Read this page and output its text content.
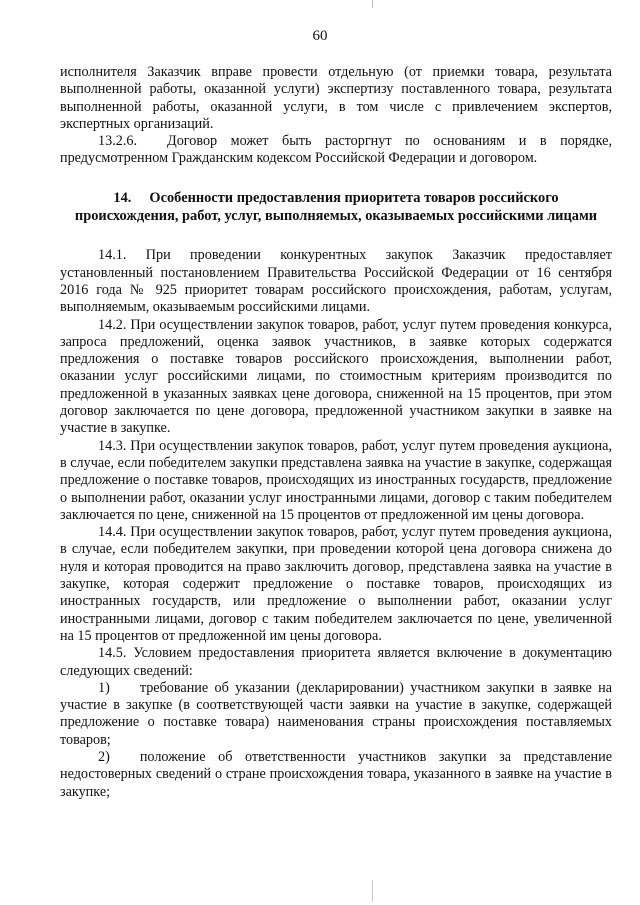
60

исполнителя Заказчик вправе провести отдельную (от приемки товара, результата выполненной работы, оказанной услуги) экспертизу поставленного товара, результата выполненной работы, оказанной услуги, в том числе с привлечением экспертов, экспертных организаций.

13.2.6. Договор может быть расторгнут по основаниям и в порядке, предусмотренном Гражданским кодексом Российской Федерации и договором.

14. Особенности предоставления приоритета товаров российского происхождения, работ, услуг, выполняемых, оказываемых российскими лицами

14.1. При проведении конкурентных закупок Заказчик предоставляет установленный постановлением Правительства Российской Федерации от 16 сентября 2016 года № 925 приоритет товарам российского происхождения, работам, услугам, выполняемым, оказываемым российскими лицами.

14.2. При осуществлении закупок товаров, работ, услуг путем проведения конкурса, запроса предложений, оценка заявок участников, в заявке которых содержатся предложения о поставке товаров российского происхождения, выполнении работ, оказании услуг российскими лицами, по стоимостным критериям производится по предложенной в указанных заявках цене договора, сниженной на 15 процентов, при этом договор заключается по цене договора, предложенной участником закупки в заявке на участие в закупке.

14.3. При осуществлении закупок товаров, работ, услуг путем проведения аукциона, в случае, если победителем закупки представлена заявка на участие в закупке, содержащая предложение о поставке товаров, происходящих из иностранных государств, предложение о выполнении работ, оказании услуг иностранными лицами, договор с таким победителем заключается по цене, сниженной на 15 процентов от предложенной им цены договора.

14.4. При осуществлении закупок товаров, работ, услуг путем проведения аукциона, в случае, если победителем закупки, при проведении которой цена договора снижена до нуля и которая проводится на право заключить договор, представлена заявка на участие в закупке, которая содержит предложение о поставке товаров, происходящих из иностранных государств, или предложение о выполнении работ, оказании услуг иностранными лицами, договор с таким победителем заключается по цене, увеличенной на 15 процентов от предложенной им цены договора.

14.5. Условием предоставления приоритета является включение в документацию следующих сведений:

1) требование об указании (декларировании) участником закупки в заявке на участие в закупке (в соответствующей части заявки на участие в закупке, содержащей предложение о поставке товара) наименования страны происхождения поставляемых товаров;

2) положение об ответственности участников закупки за представление недостоверных сведений о стране происхождения товара, указанного в заявке на участие в закупке;
